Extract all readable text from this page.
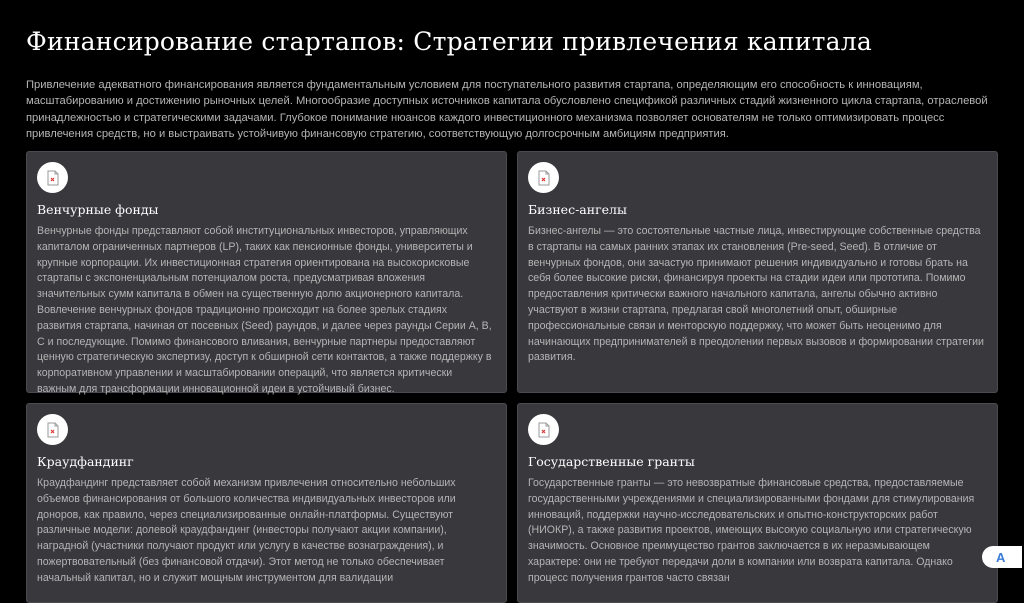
Финансирование стартапов: Стратегии привлечения капитала
Привлечение адекватного финансирования является фундаментальным условием для поступательного развития стартапа, определяющим его способность к инновациям, масштабированию и достижению рыночных целей. Многообразие доступных источников капитала обусловлено спецификой различных стадий жизненного цикла стартапа, отраслевой принадлежностью и стратегическими задачами. Глубокое понимание нюансов каждого инвестиционного механизма позволяет основателям не только оптимизировать процесс привлечения средств, но и выстраивать устойчивую финансовую стратегию, соответствующую долгосрочным амбициям предприятия.
Венчурные фонды

Венчурные фонды представляют собой институциональных инвесторов, управляющих капиталом ограниченных партнеров (LP), таких как пенсионные фонды, университеты и крупные корпорации. Их инвестиционная стратегия ориентирована на высокорисковые стартапы с экспоненциальным потенциалом роста, предусматривая вложения значительных сумм капитала в обмен на существенную долю акционерного капитала. Вовлечение венчурных фондов традиционно происходит на более зрелых стадиях развития стартапа, начиная от посевных (Seed) раундов, и далее через раунды Серии A, B, C и последующие. Помимо финансового вливания, венчурные партнеры предоставляют ценную стратегическую экспертизу, доступ к обширной сети контактов, а также поддержку в корпоративном управлении и масштабировании операций, что является критически важным для трансформации инновационной идеи в устойчивый бизнес.

Бизнес-ангелы

Бизнес-ангелы — это состоятельные частные лица, инвестирующие собственные средства в стартапы на самых ранних этапах их становления (Pre-seed, Seed). В отличие от венчурных фондов, они зачастую принимают решения индивидуально и готовы брать на себя более высокие риски, финансируя проекты на стадии идеи или прототипа. Помимо предоставления критически важного начального капитала, ангелы обычно активно участвуют в жизни стартапа, предлагая свой многолетний опыт, обширные профессиональные связи и менторскую поддержку, что может быть неоценимо для начинающих предпринимателей в преодолении первых вызовов и формировании стратегии развития.

Краудфандинг

Краудфандинг представляет собой механизм привлечения относительно небольших объемов финансирования от большого количества индивидуальных инвесторов или доноров, как правило, через специализированные онлайн-платформы. Существуют различные модели: долевой краудфандинг (инвесторы получают акции компании), наградной (участники получают продукт или услугу в качестве вознаграждения), и пожертвовательный (без финансовой отдачи). Этот метод не только обеспечивает начальный капитал, но и служит мощным инструментом для валидации

Государственные гранты

Государственные гранты — это невозвратные финансовые средства, предоставляемые государственными учреждениями и специализированными фондами для стимулирования инноваций, поддержки научно-исследовательских и опытно-конструкторских работ (НИОКР), а также развития проектов, имеющих высокую социальную или стратегическую значимость. Основное преимущество грантов заключается в их неразмывающем характере: они не требуют передачи доли в компании или возврата капитала. Однако процесс получения грантов часто связан

A
